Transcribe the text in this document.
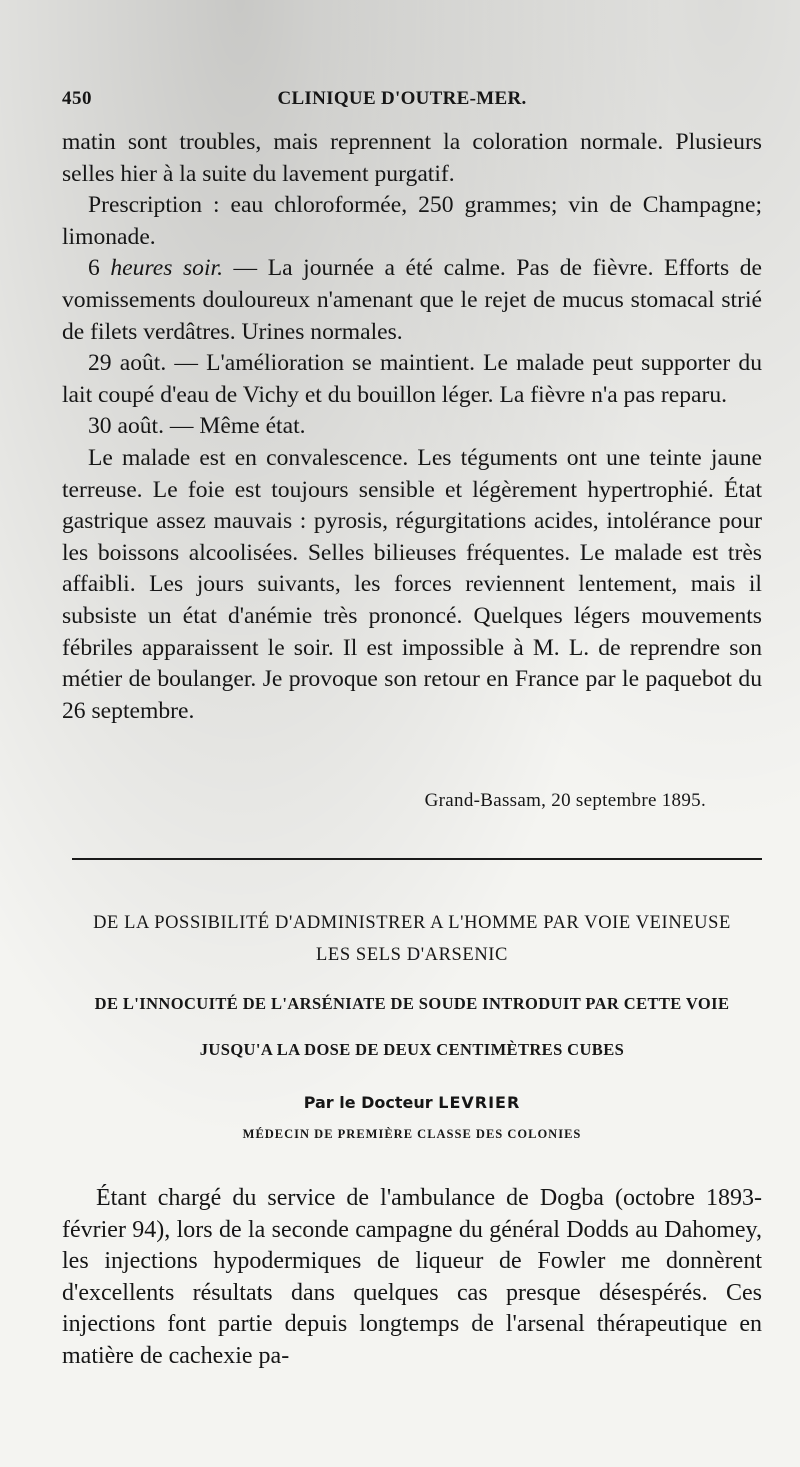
450	CLINIQUE D'OUTRE-MER.

matin sont troubles, mais reprennent la coloration normale. Plusieurs selles hier à la suite du lavement purgatif.

Prescription : eau chloroformée, 250 grammes; vin de Champagne; limonade.

6 heures soir. — La journée a été calme. Pas de fièvre. Efforts de vomissements douloureux n'amenant que le rejet de mucus stomacal strié de filets verdâtres. Urines normales.

29 août. — L'amélioration se maintient. Le malade peut supporter du lait coupé d'eau de Vichy et du bouillon léger. La fièvre n'a pas reparu.

30 août. — Même état.

Le malade est en convalescence. Les téguments ont une teinte jaune terreuse. Le foie est toujours sensible et légèrement hypertrophié. État gastrique assez mauvais : pyrosis, régurgitations acides, intolérance pour les boissons alcoolisées. Selles bilieuses fréquentes. Le malade est très affaibli. Les jours suivants, les forces reviennent lentement, mais il subsiste un état d'anémie très prononcé. Quelques légers mouvements fébriles apparaissent le soir. Il est impossible à M. L. de reprendre son métier de boulanger. Je provoque son retour en France par le paquebot du 26 septembre.

Grand-Bassam, 20 septembre 1895.
DE LA POSSIBILITÉ D'ADMINISTRER A L'HOMME PAR VOIE VEINEUSE
LES SELS D'ARSENIC
DE L'INNOCUITÉ DE L'ARSÉNIATE DE SOUDE INTRODUIT PAR CETTE VOIE
JUSQU'A LA DOSE DE DEUX CENTIMÈTRES CUBES
Par le Docteur LEVRIER
MÉDECIN DE PREMIÈRE CLASSE DES COLONIES

Étant chargé du service de l'ambulance de Dogba (octobre 1893-février 94), lors de la seconde campagne du général Dodds au Dahomey, les injections hypodermiques de liqueur de Fowler me donnèrent d'excellents résultats dans quelques cas presque désespérés. Ces injections font partie depuis longtemps de l'arsenal thérapeutique en matière de cachexie pa-
